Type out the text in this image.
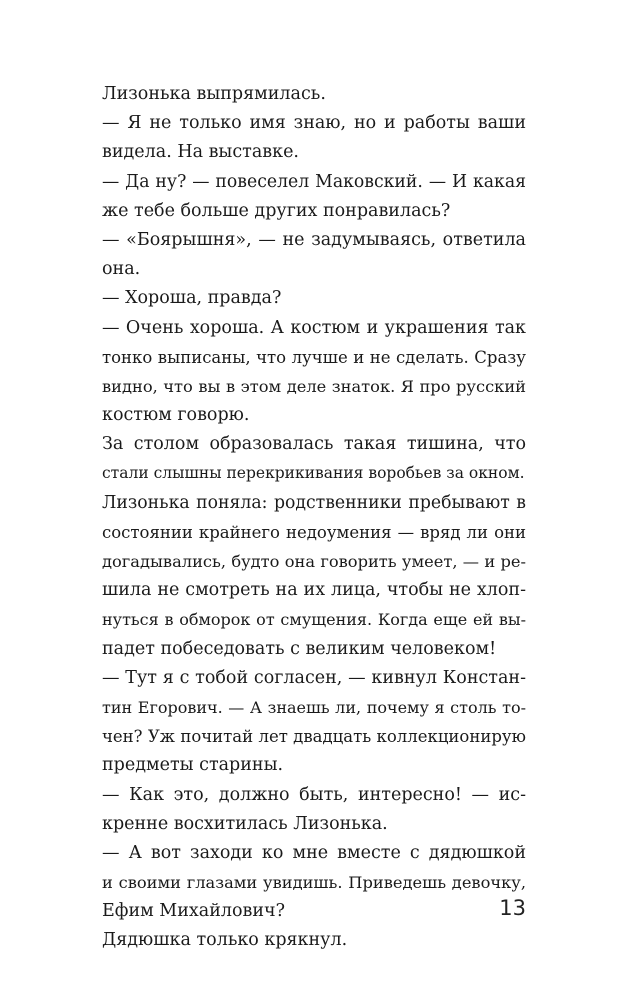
Лизонька выпрямилась.
— Я не только имя знаю, но и работы ваши
видела. На выставке.
— Да ну? — повеселел Маковский. — И какая
же тебе больше других понравилась?
— «Боярышня», — не задумываясь, ответила
она.
— Хороша, правда?
— Очень хороша. А костюм и украшения так
тонко выписаны, что лучше и не сделать. Сразу
видно, что вы в этом деле знаток. Я про русский
костюм говорю.
За столом образовалась такая тишина, что
стали слышны перекрикивания воробьев за окном.
Лизонька поняла: родственники пребывают в
состоянии крайнего недоумения — вряд ли они
догадывались, будто она говорить умеет, — и ре-
шила не смотреть на их лица, чтобы не хлоп-
нуться в обморок от смущения. Когда еще ей вы-
падет побеседовать с великим человеком!
— Тут я с тобой согласен, — кивнул Констан-
тин Егорович. — А знаешь ли, почему я столь то-
чен? Уж почитай лет двадцать коллекционирую
предметы старины.
— Как это, должно быть, интересно! — ис-
кренне восхитилась Лизонька.
— А вот заходи ко мне вместе с дядюшкой
и своими глазами увидишь. Приведешь девочку,
Ефим Михайлович?
Дядюшка только крякнул.
13
